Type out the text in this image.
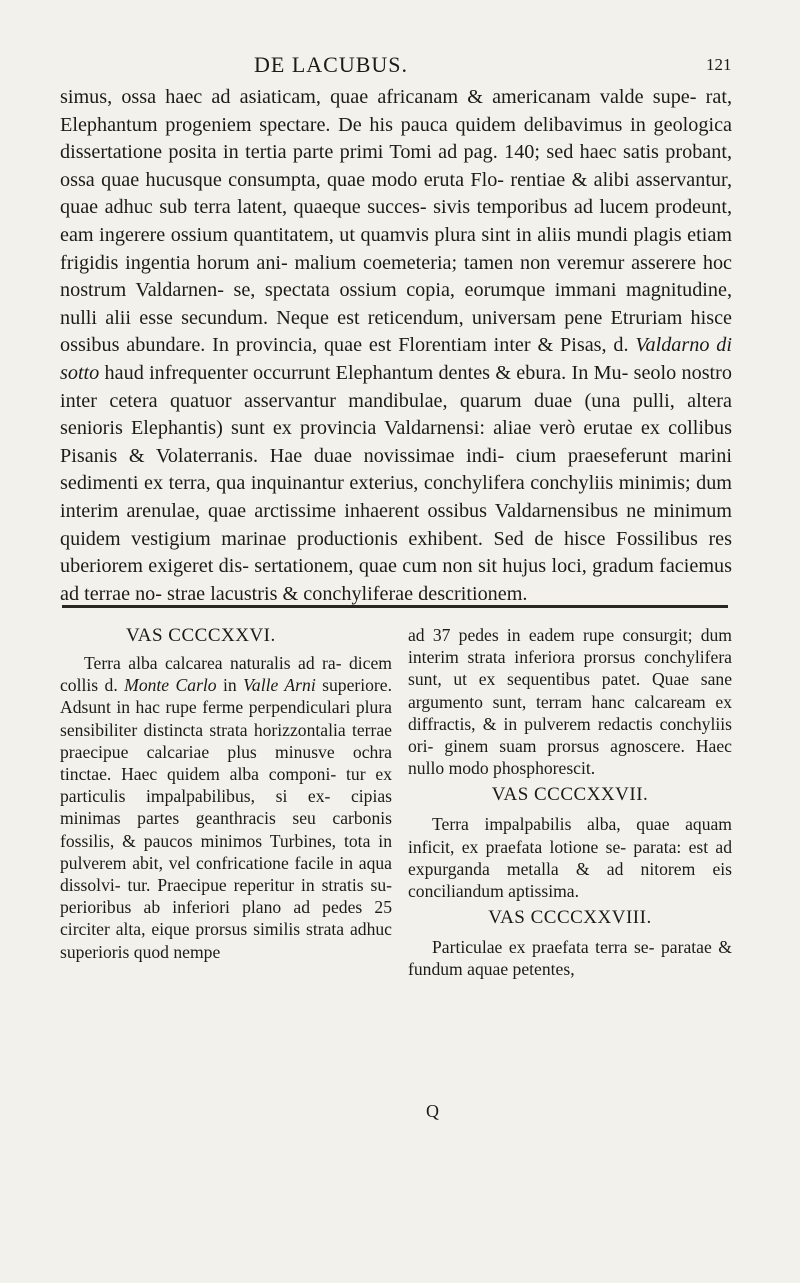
DE LACUBUS.	121

simus, ossa haec ad asiaticam, quae africanam & americanam valde supe- rat, Elephantum progeniem spectare. De his pauca quidem delibavimus in geologica dissertatione posita in tertia parte primi Tomi ad pag. 140; sed haec satis probant, ossa quae hucusque consumpta, quae modo eruta Flo- rentiae & alibi asservantur, quae adhuc sub terra latent, quaeque succes- sivis temporibus ad lucem prodeunt, eam ingerere ossium quantitatem, ut quamvis plura sint in aliis mundi plagis etiam frigidis ingentia horum ani- malium coemeteria; tamen non veremur asserere hoc nostrum Valdarnen- se, spectata ossium copia, eorumque immani magnitudine, nulli alii esse secundum. Neque est reticendum, universam pene Etruriam hisce ossibus abundare. In provincia, quae est Florentiam inter & Pisas, d. Valdarno di sotto haud infrequenter occurrunt Elephantum dentes & ebura. In Mu- seolo nostro inter cetera quatuor asservantur mandibulae, quarum duae (una pulli, altera senioris Elephantis) sunt ex provincia Valdarnensi: aliae verò erutae ex collibus Pisanis & Volaterranis. Hae duae novissimae indi- cium praeseferunt marini sedimenti ex terra, qua inquinantur exterius, conchylifera conchyliis minimis; dum interim arenulae, quae arctissime inhaerent ossibus Valdarnensibus ne minimum quidem vestigium marinae productionis exhibent. Sed de hisce Fossilibus res uberiorem exigeret dis- sertationem, quae cum non sit hujus loci, gradum faciemus ad terrae no- strae lacustris & conchyliferae descritionem.

VAS CCCCXXVI.

Terra alba calcarea naturalis ad ra- dicem collis d. Monte Carlo in Valle Arni superiore. Adsunt in hac rupe ferme perpendiculari plura sensibiliter distincta strata horizzontalia terrae praecipue calcariae plus minusve ochra tinctae. Haec quidem alba componi- tur ex particulis impalpabilibus, si ex- cipias minimas partes geanthracis seu carbonis fossilis, & paucos minimos Turbines, tota in pulverem abit, vel confricatione facile in aqua dissolvi- tur. Praecipue reperitur in stratis su- perioribus ab inferiori plano ad pedes 25 circiter alta, eique prorsus similis strata adhuc superioris quod nempe

ad 37 pedes in eadem rupe consurgit; dum interim strata inferiora prorsus conchylifera sunt, ut ex sequentibus patet. Quae sane argumento sunt, terram hanc calcaream ex diffractis, & in pulverem redactis conchyliis ori- ginem suam prorsus agnoscere. Haec nullo modo phosphorescit.

VAS CCCCXXVII.

Terra impalpabilis alba, quae aquam inficit, ex praefata lotione se- parata: est ad expurganda metalla & ad nitorem eis conciliandum aptissima.

VAS CCCCXXVIII.

Particulae ex praefata terra se- paratae & fundum aquae petentes,

Q
